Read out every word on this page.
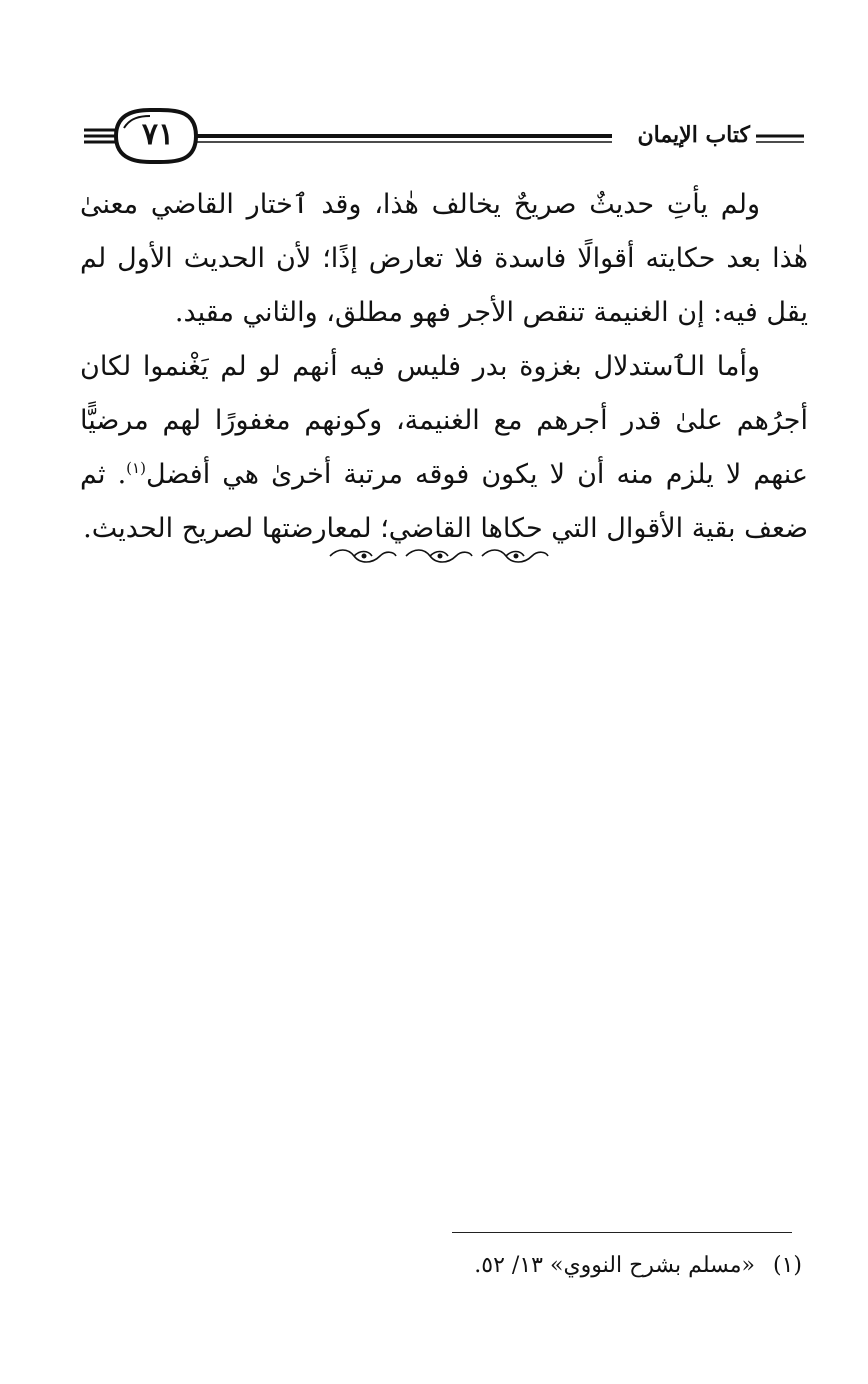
٧١	كتاب الإيمان

ولم يأتِ حديثٌ صريحٌ يخالف هٰذا، وقد ٱختار القاضي معنىٰ هٰذا بعد حكايته أقوالًا فاسدة فلا تعارض إذًا؛ لأن الحديث الأول لم يقل فيه: إن الغنيمة تنقص الأجر فهو مطلق، والثاني مقيد.

وأما الٱستدلال بغزوة بدر فليس فيه أنهم لو لم يَغْنموا لكان أجرُهم علىٰ قدر أجرهم مع الغنيمة، وكونهم مغفورًا لهم مرضيًّا عنهم لا يلزم منه أن لا يكون فوقه مرتبة أخرىٰ هي أفضل$^{(١)}$. ثم ضعف بقية الأقوال التي حكاها القاضي؛ لمعارضتها لصريح الحديث.

(١)«مسلم بشرح النووي» ١٣/ ٥٢.
